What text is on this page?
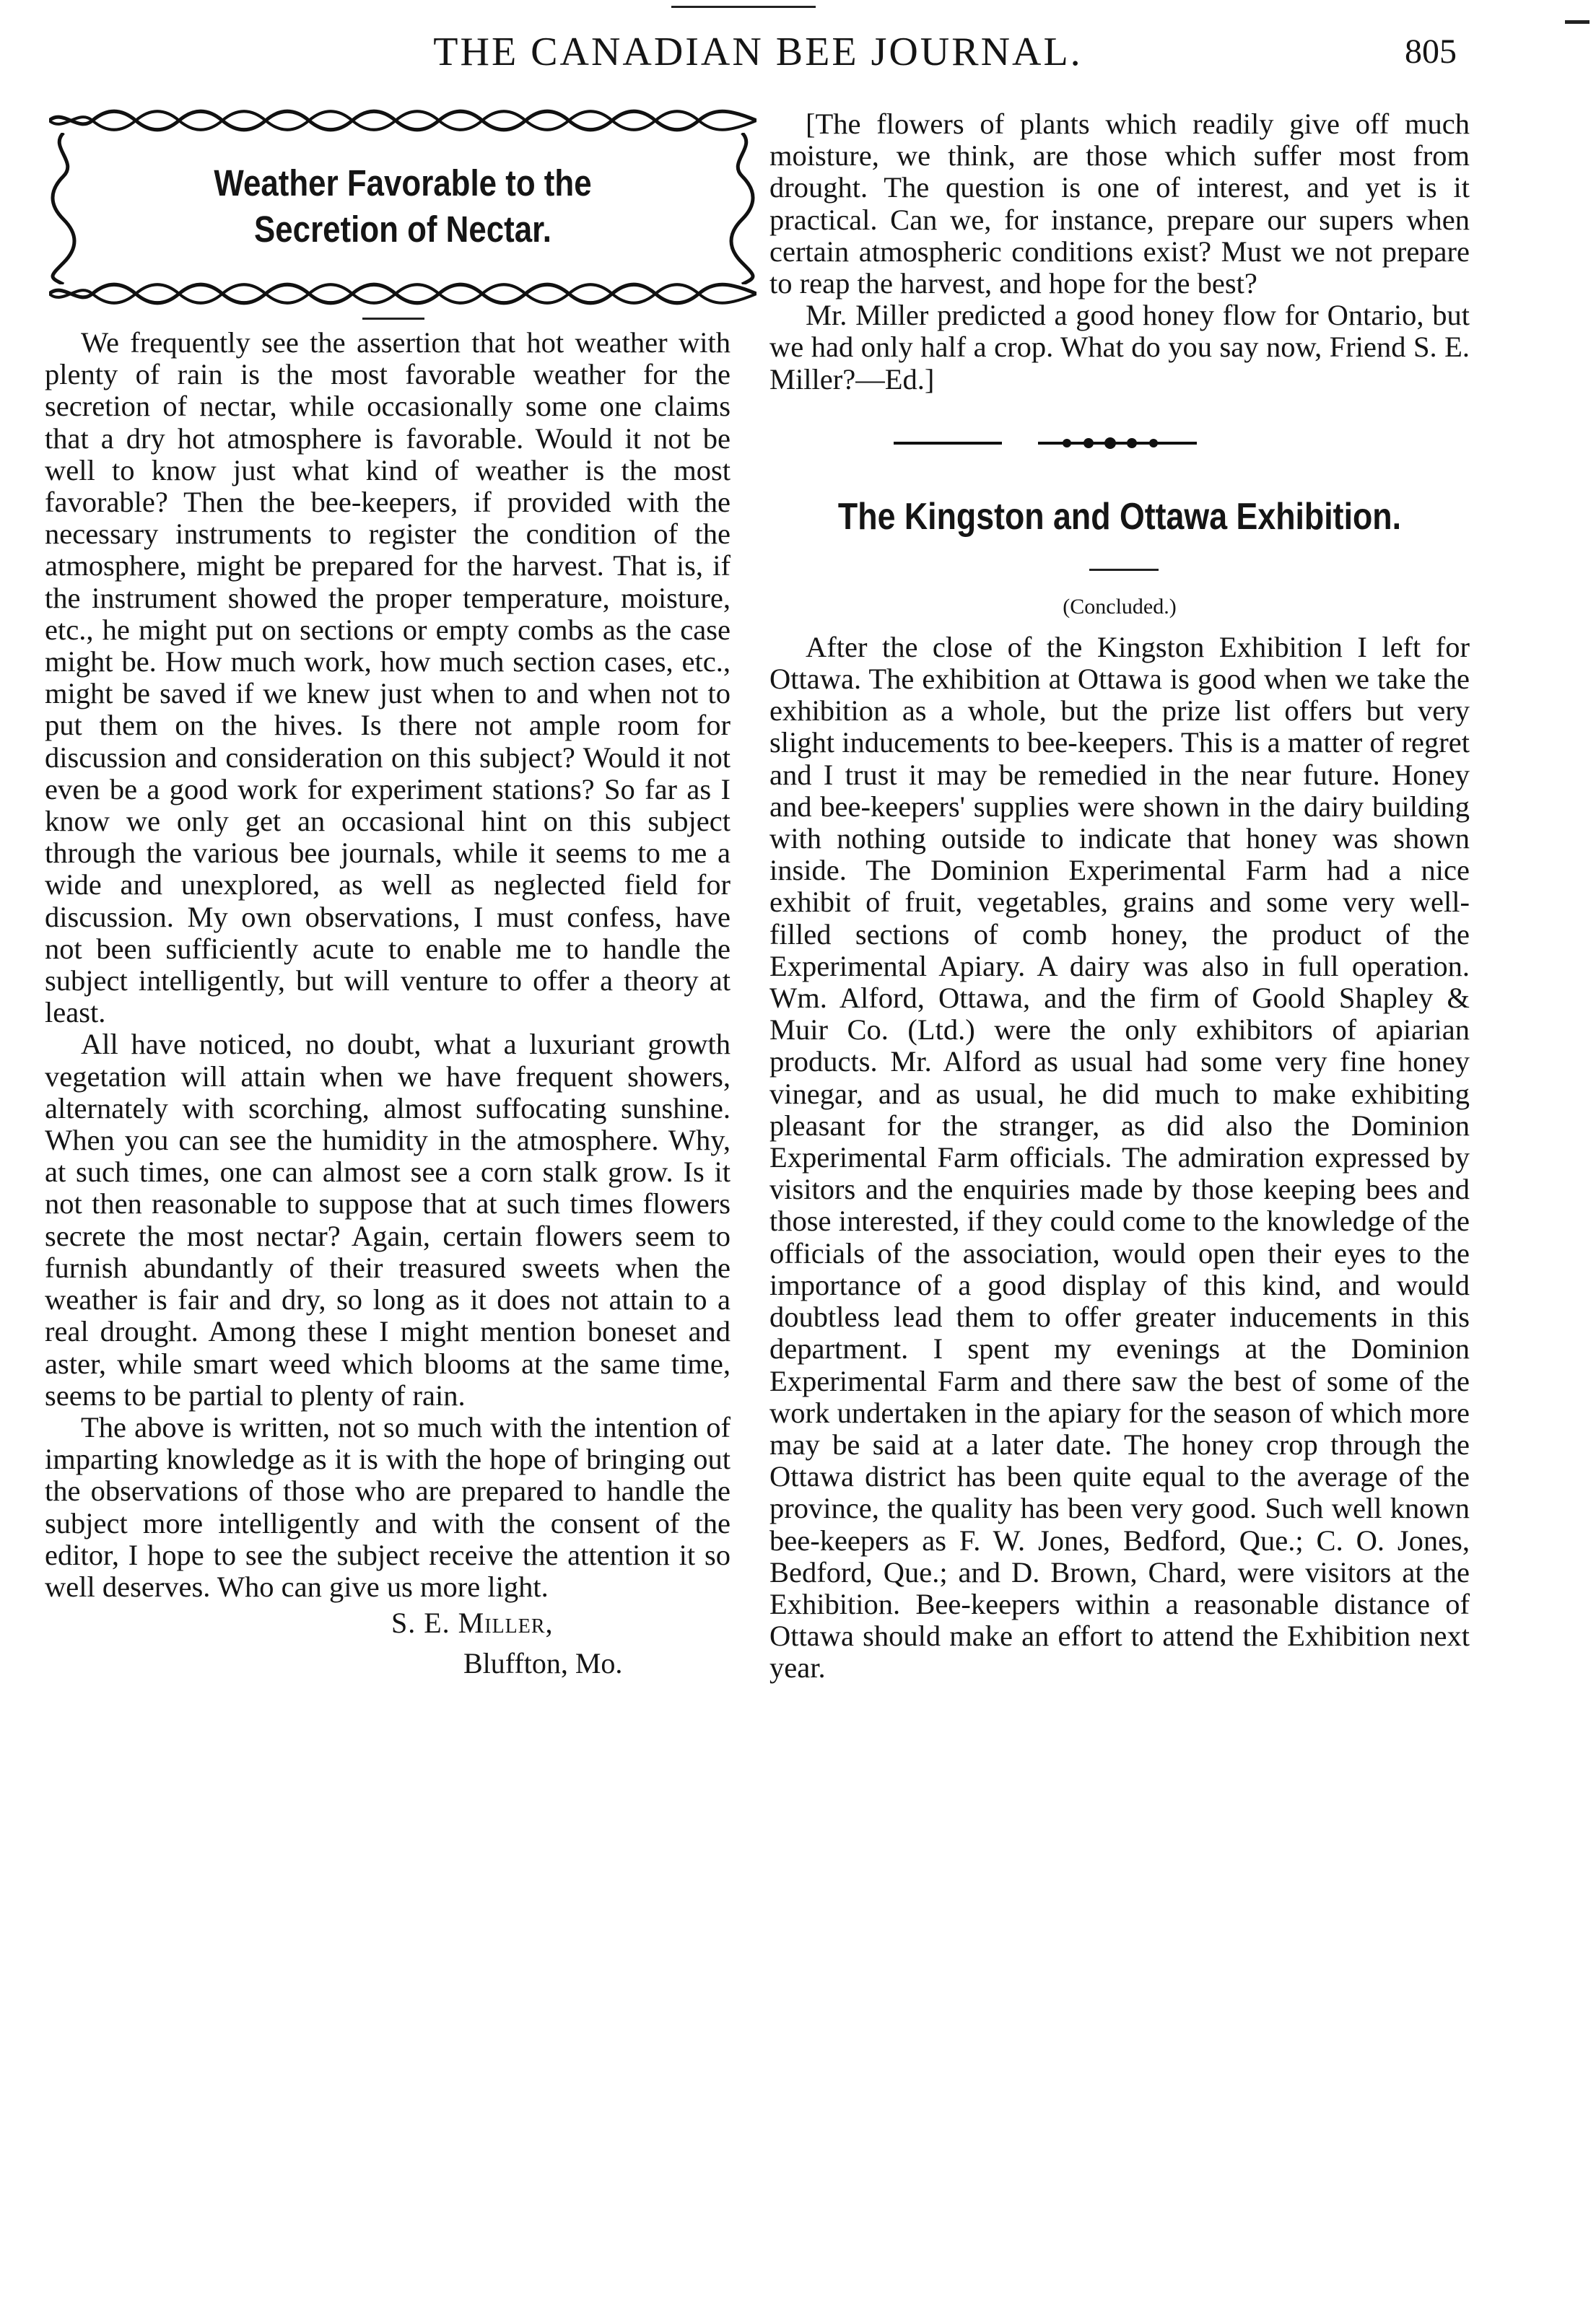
THE CANADIAN BEE JOURNAL.	805
Weather Favorable to the
Secretion of Nectar.

We frequently see the assertion that hot weather with plenty of rain is the most favorable weather for the secretion of nectar, while occasionally some one claims that a dry hot atmosphere is favorable. Would it not be well to know just what kind of weather is the most favorable? Then the bee-keepers, if provided with the necessary instruments to register the condition of the atmosphere, might be prepared for the harvest. That is, if the instrument showed the proper temperature, moisture, etc., he might put on sections or empty combs as the case might be. How much work, how much section cases, etc., might be saved if we knew just when to and when not to put them on the hives. Is there not ample room for discussion and consideration on this subject? Would it not even be a good work for experiment stations? So far as I know we only get an occasional hint on this subject through the various bee journals, while it seems to me a wide and unexplored, as well as neglected field for discussion. My own observations, I must confess, have not been sufficiently acute to enable me to handle the subject intelligently, but will venture to offer a theory at least.

All have noticed, no doubt, what a luxuriant growth vegetation will attain when we have frequent showers, alternately with scorching, almost suffocating sunshine. When you can see the humidity in the atmosphere. Why, at such times, one can almost see a corn stalk grow. Is it not then reasonable to suppose that at such times flowers secrete the most nectar? Again, certain flowers seem to furnish abundantly of their treasured sweets when the weather is fair and dry, so long as it does not attain to a real drought. Among these I might mention boneset and aster, while smart weed which blooms at the same time, seems to be partial to plenty of rain.

The above is written, not so much with the intention of imparting knowledge as it is with the hope of bringing out the observations of those who are prepared to handle the subject more intelligently and with the consent of the editor, I hope to see the subject receive the attention it so well deserves. Who can give us more light.

S. E. Miller,
Bluffton, Mo.

[The flowers of plants which readily give off much moisture, we think, are those which suffer most from drought. The question is one of interest, and yet is it practical. Can we, for instance, prepare our supers when certain atmospheric conditions exist? Must we not prepare to reap the harvest, and hope for the best?

Mr. Miller predicted a good honey flow for Ontario, but we had only half a crop. What do you say now, Friend S. E. Miller?—Ed.]

The Kingston and Ottawa Exhibition.
(Concluded.)

After the close of the Kingston Exhibition I left for Ottawa. The exhibition at Ottawa is good when we take the exhibition as a whole, but the prize list offers but very slight inducements to bee-keepers. This is a matter of regret and I trust it may be remedied in the near future. Honey and bee-keepers' supplies were shown in the dairy building with nothing outside to indicate that honey was shown inside. The Dominion Experimental Farm had a nice exhibit of fruit, vegetables, grains and some very well-filled sections of comb honey, the product of the Experimental Apiary. A dairy was also in full operation. Wm. Alford, Ottawa, and the firm of Goold Shapley & Muir Co. (Ltd.) were the only exhibitors of apiarian products. Mr. Alford as usual had some very fine honey vinegar, and as usual, he did much to make exhibiting pleasant for the stranger, as did also the Dominion Experimental Farm officials. The admiration expressed by visitors and the enquiries made by those keeping bees and those interested, if they could come to the knowledge of the officials of the association, would open their eyes to the importance of a good display of this kind, and would doubtless lead them to offer greater inducements in this department. I spent my evenings at the Dominion Experimental Farm and there saw the best of some of the work undertaken in the apiary for the season of which more may be said at a later date. The honey crop through the Ottawa district has been quite equal to the average of the province, the quality has been very good. Such well known bee-keepers as F. W. Jones, Bedford, Que.; C. O. Jones, Bedford, Que.; and D. Brown, Chard, were visitors at the Exhibition. Bee-keepers within a reasonable distance of Ottawa should make an effort to attend the Exhibition next year.
